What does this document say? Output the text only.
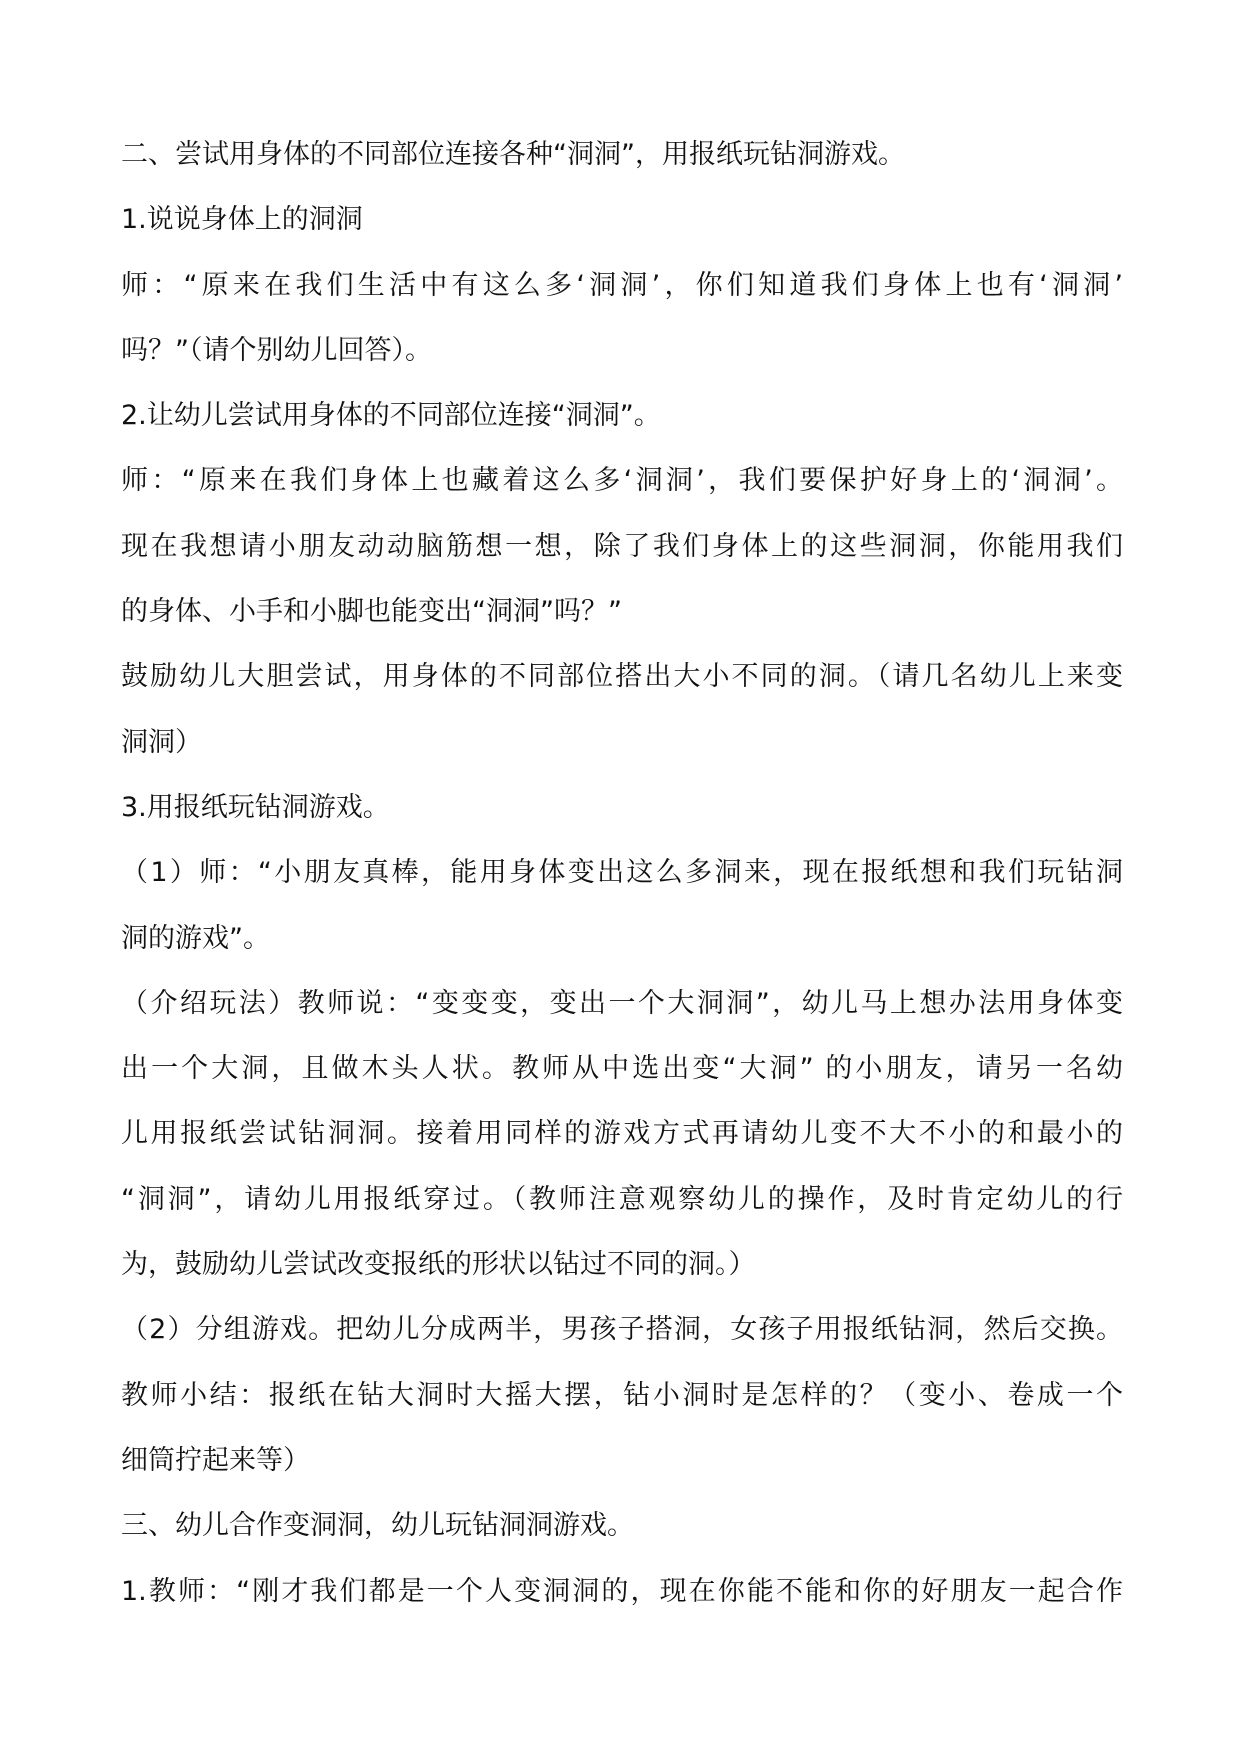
二、尝试用身体的不同部位连接各种“洞洞”，用报纸玩钻洞游戏。
1.说说身体上的洞洞
师：“原来在我们生活中有这么多‘洞洞’，你们知道我们身体上也有‘洞洞’
吗？”（请个别幼儿回答）。
2.让幼儿尝试用身体的不同部位连接“洞洞”。
师：“原来在我们身体上也藏着这么多‘洞洞’，我们要保护好身上的‘洞洞’。
现在我想请小朋友动动脑筋想一想，除了我们身体上的这些洞洞，你能用我们
的身体、小手和小脚也能变出“洞洞”吗？”
鼓励幼儿大胆尝试，用身体的不同部位搭出大小不同的洞。（请几名幼儿上来变
洞洞）
3.用报纸玩钻洞游戏。
（1）师：“小朋友真棒，能用身体变出这么多洞来，现在报纸想和我们玩钻洞
洞的游戏”。
（介绍玩法）教师说：“变变变，变出一个大洞洞”，幼儿马上想办法用身体变
出一个大洞，且做木头人状。教师从中选出变“大洞” 的小朋友，请另一名幼
儿用报纸尝试钻洞洞。接着用同样的游戏方式再请幼儿变不大不小的和最小的
“洞洞”，请幼儿用报纸穿过。（教师注意观察幼儿的操作，及时肯定幼儿的行
为，鼓励幼儿尝试改变报纸的形状以钻过不同的洞。）
（2）分组游戏。把幼儿分成两半，男孩子搭洞，女孩子用报纸钻洞，然后交换。
教师小结：报纸在钻大洞时大摇大摆，钻小洞时是怎样的？（变小、卷成一个
细筒拧起来等）
三、幼儿合作变洞洞，幼儿玩钻洞洞游戏。
1.教师：“刚才我们都是一个人变洞洞的，现在你能不能和你的好朋友一起合作
